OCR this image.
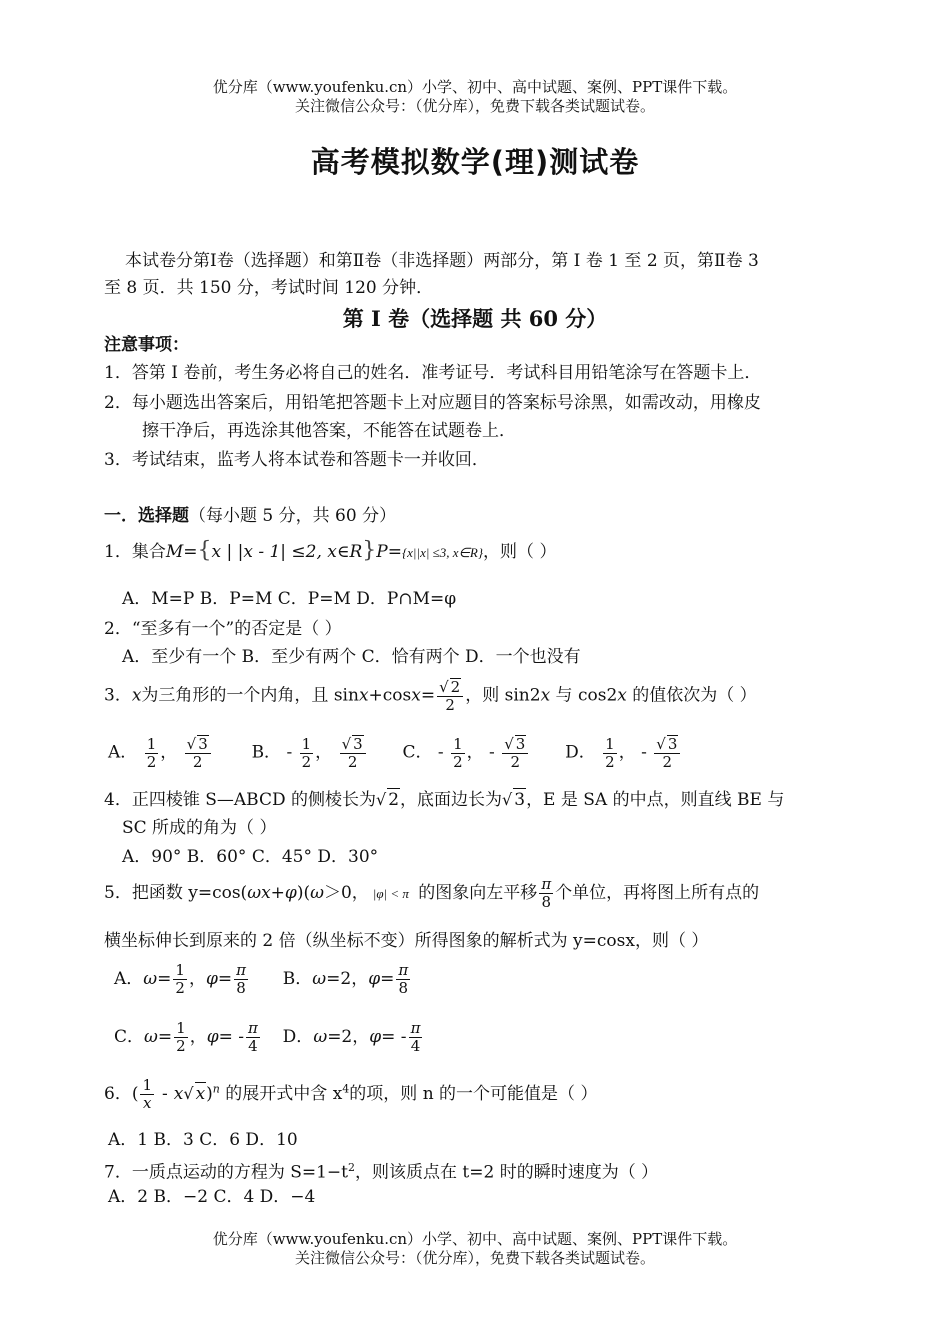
优分库（www.youfenku.cn）小学、初中、高中试题、案例、PPT课件下载。
关注微信公众号：（优分库），免费下载各类试题试卷。
高考模拟数学(理)测试卷
本试卷分第I卷（选择题）和第Ⅱ卷（非选择题）两部分，第 I 卷 1 至 2 页，第Ⅱ卷 3
至 8 页．共 150 分，考试时间 120 分钟．
第 I 卷（选择题 共 60 分）
注意事项：
1．答第 I 卷前，考生务必将自己的姓名．准考证号．考试科目用铅笔涂写在答题卡上．
2．每小题选出答案后，用铅笔把答题卡上对应题目的答案标号涂黑，如需改动，用橡皮
擦干净后，再选涂其他答案，不能答在试题卷上．
3．考试结束，监考人将本试卷和答题卡一并收回．
一．选择题（每小题 5 分，共 60 分）
1．集合M={x | |x - 1| ≤2, x∈R}P={x||x| ≤3, x∈R}，则（ ）
A．M=P B．P=M C．P=M D．P∩M=φ
2．“至多有一个”的否定是（ ）
A．至少有一个 B．至少有两个 C．恰有两个 D．一个也没有
3．x为三角形的一个内角，且 $\sin x+\cos x= \frac{√ 2}{2}$ ，则 sin2x 与 cos2x 的值依次为（ ）
A． $\frac{1}{2}$ ， $\frac{√ 3}{2}$ B． - $\frac{1}{2}$ ， $\frac{√ 3}{2}$ C． - $\frac{1}{2}$ ， - $\frac{√ 3}{2}$ D． $\frac{1}{2}$ ， - $\frac{√ 3}{2}$
4．正四棱锥 S—ABCD 的侧棱长为√ 2，底面边长为√ 3，E 是 SA 的中点，则直线 BE 与
SC 所成的角为（ ）
A．90° B．60° C．45° D．30°
5．把函数 y=cos(ωx+φ)(ω＞0， |φ| < π 的图象向左平移 $\frac{\pi}{8}$ 个单位，再将图上所有点的
横坐标伸长到原来的 2 倍（纵坐标不变）所得图象的解析式为 y=cosx，则（ ）
A．$\omega= \frac{1}{2}$ ，$\varphi= \frac{\pi}{8}$ B．ω=2，$\varphi= \frac{\pi}{8}$
C．$\omega= \frac{1}{2}$ ，$\varphi= - \frac{\pi}{4}$ D．ω=2，$\varphi= - \frac{\pi}{4}$
6．( $\frac{1}{x} - x√$ x)$^n$ 的展开式中含 $x^4$的项，则 n 的一个可能值是（ ）
A．1 B．3 C．6 D．10
7．一质点运动的方程为 $S=1-t^2$，则该质点在 t=2 时的瞬时速度为（ ）
A．2 B．−2 C．4 D．−4
优分库（www.youfenku.cn）小学、初中、高中试题、案例、PPT课件下载。
关注微信公众号：（优分库），免费下载各类试题试卷。
